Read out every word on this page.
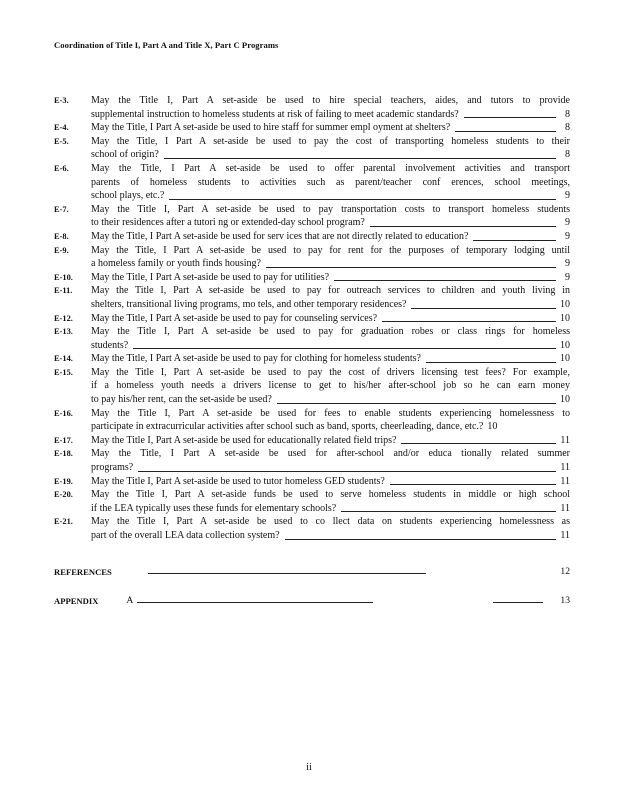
Coordination of Title I, Part A and Title X, Part C Programs
E-3. May the Title I, Part A set-aside be used to hire special teachers, aides, and tutors to provide
supplemental instruction to homeless students at risk of failing to meet academic standards?	8
E-4. May the Title, I Part A set-aside be used to hire staff for summer empl oyment at shelters?	8
E-5. May the Title, I Part A set-aside be used to pay the cost of transporting homeless students to their
school of origin?	8
E-6. May the Title, I Part A set-aside be used to offer parental involvement activities and transport
parents of homeless students to activities such as parent/teacher conf erences, school meetings,
school plays, etc.?	9
E-7. May the Title I, Part A set-aside be used to pay transportation costs to transport homeless students
to their residences after a tutori ng or extended-day school program?	9
E-8. May the Title, I Part A set-aside be used for serv ices that are not directly related to education?	9
E-9. May the Title, I Part A set-aside be used to pay for rent for the purposes of temporary lodging until
a homeless family or youth finds housing?	9
E-10. May the Title, I Part A set-aside be used to pay for utilities?	9
E-11. May the Title I, Part A set-aside be used to pay for outreach services to children and youth living in
shelters, transitional living programs, mo tels, and other temporary residences?	10
E-12. May the Title, I Part A set-aside be used to pay for counseling services?	10
E-13. May the Title I, Part A set-aside be used to pay for graduation robes or class rings for homeless
students?	10
E-14. May the Title, I Part A set-aside be used to pay for clothing for homeless students?	10
E-15. May the Title I, Part A set-aside be used to pay the cost of drivers licensing test fees? For example,
if a homeless youth needs a drivers license to get to his/her after-school job so he can earn money
to pay his/her rent, can the set-aside be used?	10
E-16. May the Title I, Part A set-aside be used for fees to enable students experiencing homelessness to
participate in extracurricular activities after school such as band, sports, cheerleading, dance, etc.? 10
E-17. May the Title I, Part A set-aside be used for educationally related field trips?	11
E-18. May the Title, I Part A set-aside be used for after-school and/or educa tionally related summer
programs?	11
E-19. May the Title I, Part A set-aside be used to tutor homeless GED students?	11
E-20. May the Title I, Part A set-aside funds be used to serve homeless students in middle or high school
if the LEA typically uses these funds for elementary schools?	11
E-21. May the Title I, Part A set-aside be used to co llect data on students experiencing homelessness as
part of the overall LEA data collection system?	11
REFERENCES	12
APPENDIX	A	13
ii
